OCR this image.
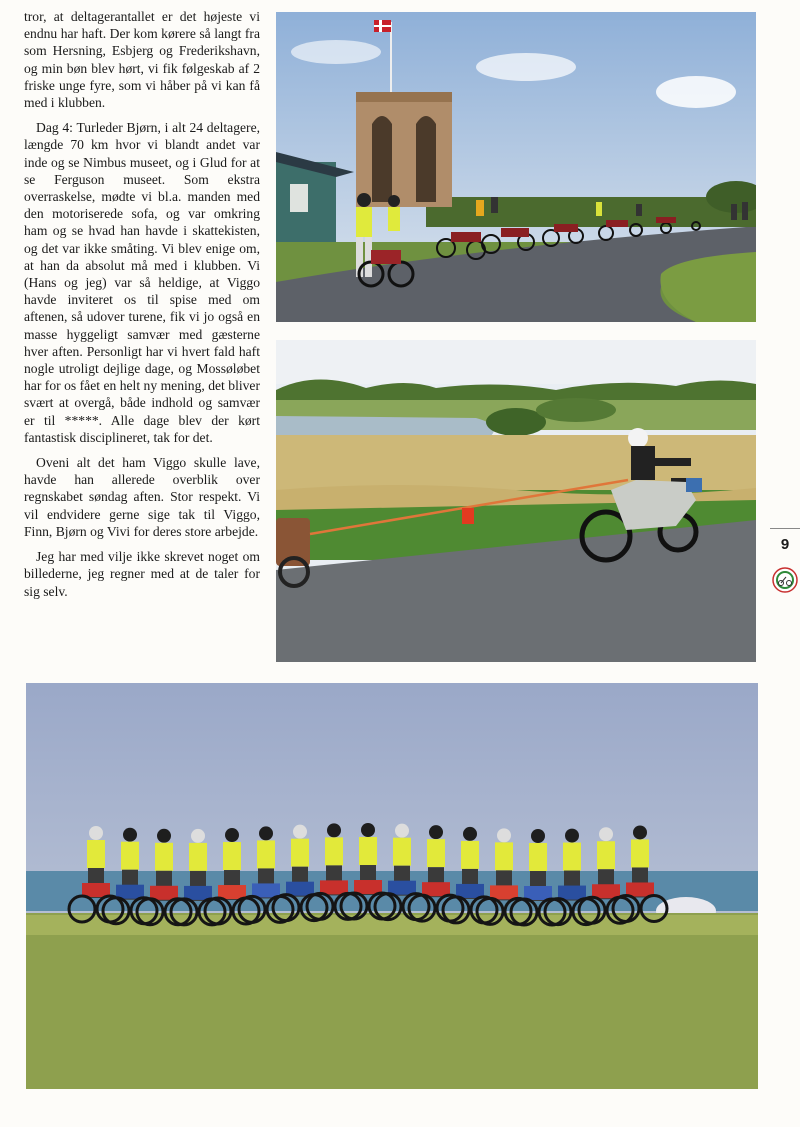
tror, at deltagerantallet er det højeste vi endnu har haft. Der kom kørere så langt fra som Hersning, Esbjerg og Frederikshavn, og min bøn blev hørt, vi fik følgeskab af 2 friske unge fyre, som vi håber på vi kan få med i klubben.

Dag 4: Turleder Bjørn, i alt 24 deltagere, længde 70 km hvor vi blandt andet var inde og se Nimbus museet, og i Glud for at se Ferguson museet. Som ekstra overraskelse, mødte vi bl.a. manden med den motoriserede sofa, og var omkring ham og se hvad han havde i skattekisten, og det var ikke småting. Vi blev enige om, at han da absolut må med i klubben. Vi (Hans og jeg) var så heldige, at Viggo havde inviteret os til spise med om aftenen, så udover turene, fik vi jo også en masse hyggeligt samvær med gæsterne hver aften. Personligt har vi hvert fald haft nogle utroligt dejlige dage, og Mossøløbet har for os fået en helt ny mening, det bliver svært at overgå, både indhold og samvær er til *****. Alle dage blev der kørt fantastisk disciplineret, tak for det.

Oveni alt det ham Viggo skulle lave, havde han allerede overblik over regnskabet søndag aften. Stor respekt. Vi vil endvidere gerne sige tak til Viggo, Finn, Bjørn og Vivi for deres store arbejde.

Jeg har med vilje ikke skrevet noget om billederne, jeg regner med at de taler for sig selv.

9
